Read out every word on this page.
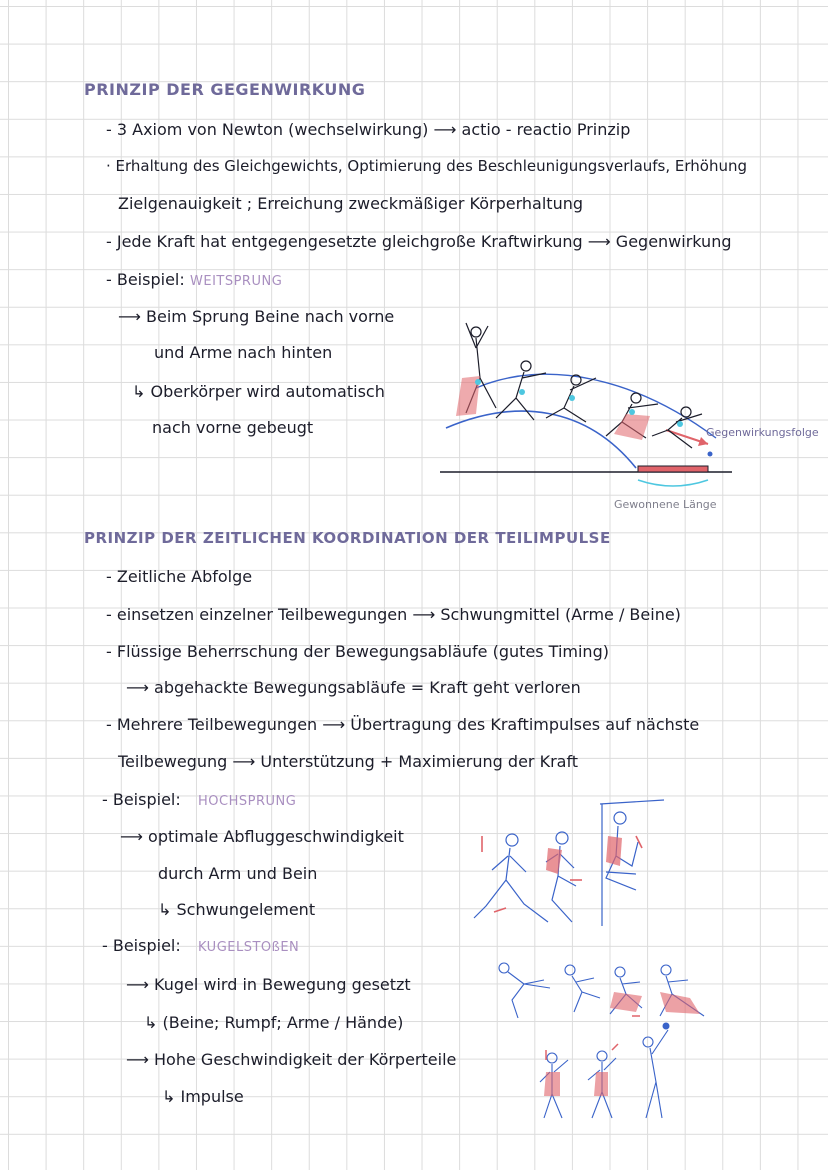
PRINZIP DER GEGENWIRKUNG
- 3 Axiom von Newton (wechselwirkung) ⟶ actio - reactio Prinzip
· Erhaltung des Gleichgewichts, Optimierung des Beschleunigungsverlaufs, Erhöhung
Zielgenauigkeit ; Erreichung zweckmäßiger Körperhaltung
- Jede Kraft hat entgegengesetzte gleichgroße Kraftwirkung ⟶ Gegenwirkung
- Beispiel: WEITSPRUNG
⟶ Beim Sprung Beine nach vorne
und Arme nach hinten
↳ Oberkörper wird automatisch
nach vorne gebeugt	Gegenwirkungsfolge
Gewonnene Länge
PRINZIP DER ZEITLICHEN KOORDINATION DER TEILIMPULSE
- Zeitliche Abfolge
- einsetzen einzelner Teilbewegungen ⟶ Schwungmittel (Arme / Beine)
- Flüssige Beherrschung der Bewegungsabläufe (gutes Timing)
⟶ abgehackte Bewegungsabläufe = Kraft geht verloren
- Mehrere Teilbewegungen ⟶ Übertragung des Kraftimpulses auf nächste
Teilbewegung ⟶ Unterstützung + Maximierung der Kraft
- Beispiel: HOCHSPRUNG
⟶ optimale Abfluggeschwindigkeit
durch Arm und Bein
↳ Schwungelement
- Beispiel: KUGELSTOßEN
⟶ Kugel wird in Bewegung gesetzt
↳ (Beine; Rumpf; Arme / Hände)
⟶ Hohe Geschwindigkeit der Körperteile
↳ Impulse
